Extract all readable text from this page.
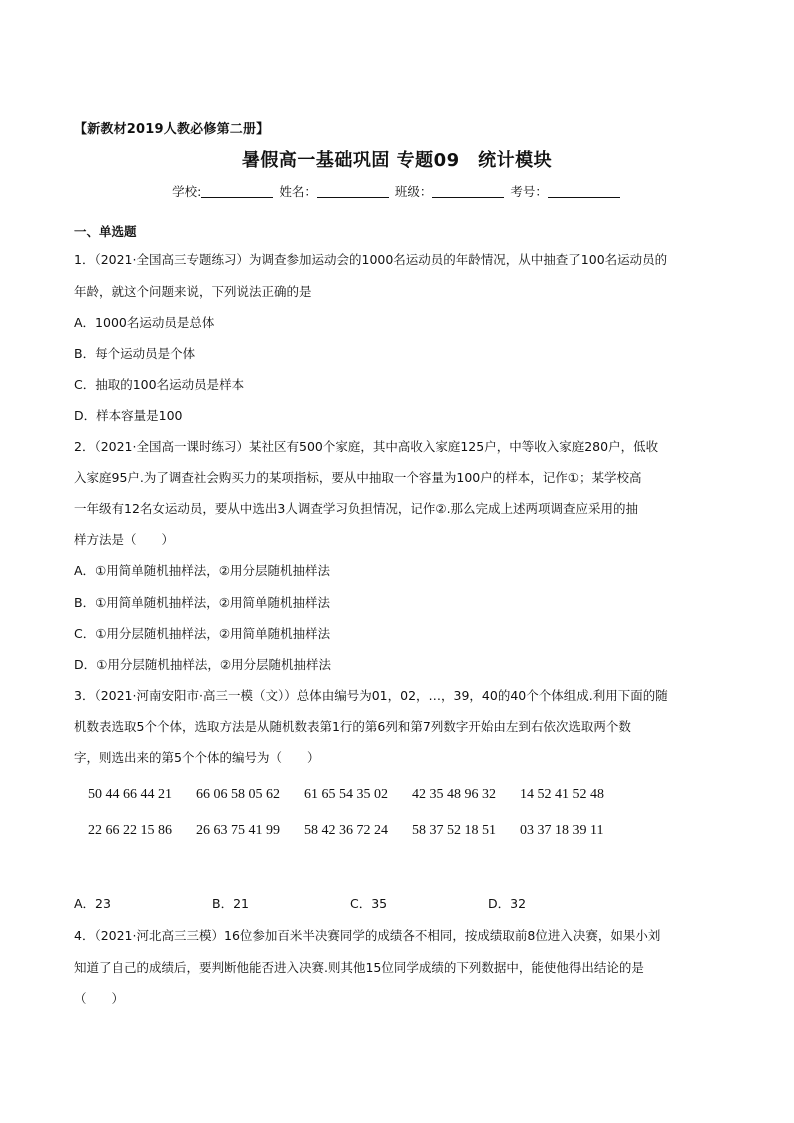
【新教材2019人教必修第二册】
暑假高一基础巩固 专题09　统计模块
学校:	姓名：	班级：	考号：
一、单选题
1．（2021·全国高三专题练习）为调查参加运动会的1000名运动员的年龄情况，从中抽查了100名运动员的
年龄，就这个问题来说，下列说法正确的是
A．1000名运动员是总体
B．每个运动员是个体
C．抽取的100名运动员是样本
D．样本容量是100
2．（2021·全国高一课时练习）某社区有500个家庭，其中高收入家庭125户，中等收入家庭280户，低收
入家庭95户.为了调查社会购买力的某项指标，要从中抽取一个容量为100户的样本，记作①；某学校高
一年级有12名女运动员，要从中选出3人调查学习负担情况，记作②.那么完成上述两项调查应采用的抽
样方法是（　　）
A．①用简单随机抽样法，②用分层随机抽样法
B．①用简单随机抽样法，②用简单随机抽样法
C．①用分层随机抽样法，②用简单随机抽样法
D．①用分层随机抽样法，②用分层随机抽样法
3．（2021·河南安阳市·高三一模（文））总体由编号为01，02，…，39，40的40个个体组成.利用下面的随
机数表选取5个个体，选取方法是从随机数表第1行的第6列和第7列数字开始由左到右依次选取两个数
字，则选出来的第5个个体的编号为（　　）
50 44 66 44 21 66 06 58 05 62 61 65 54 35 02 42 35 48 96 32 14 52 41 52 48
22 66 22 15 86 26 63 75 41 99 58 42 36 72 24 58 37 52 18 51 03 37 18 39 11
A．23	B．21	C．35	D．32
4．（2021·河北高三三模）16位参加百米半决赛同学的成绩各不相同，按成绩取前8位进入决赛，如果小刘
知道了自己的成绩后，要判断他能否进入决赛.则其他15位同学成绩的下列数据中，能使他得出结论的是
（　　）
